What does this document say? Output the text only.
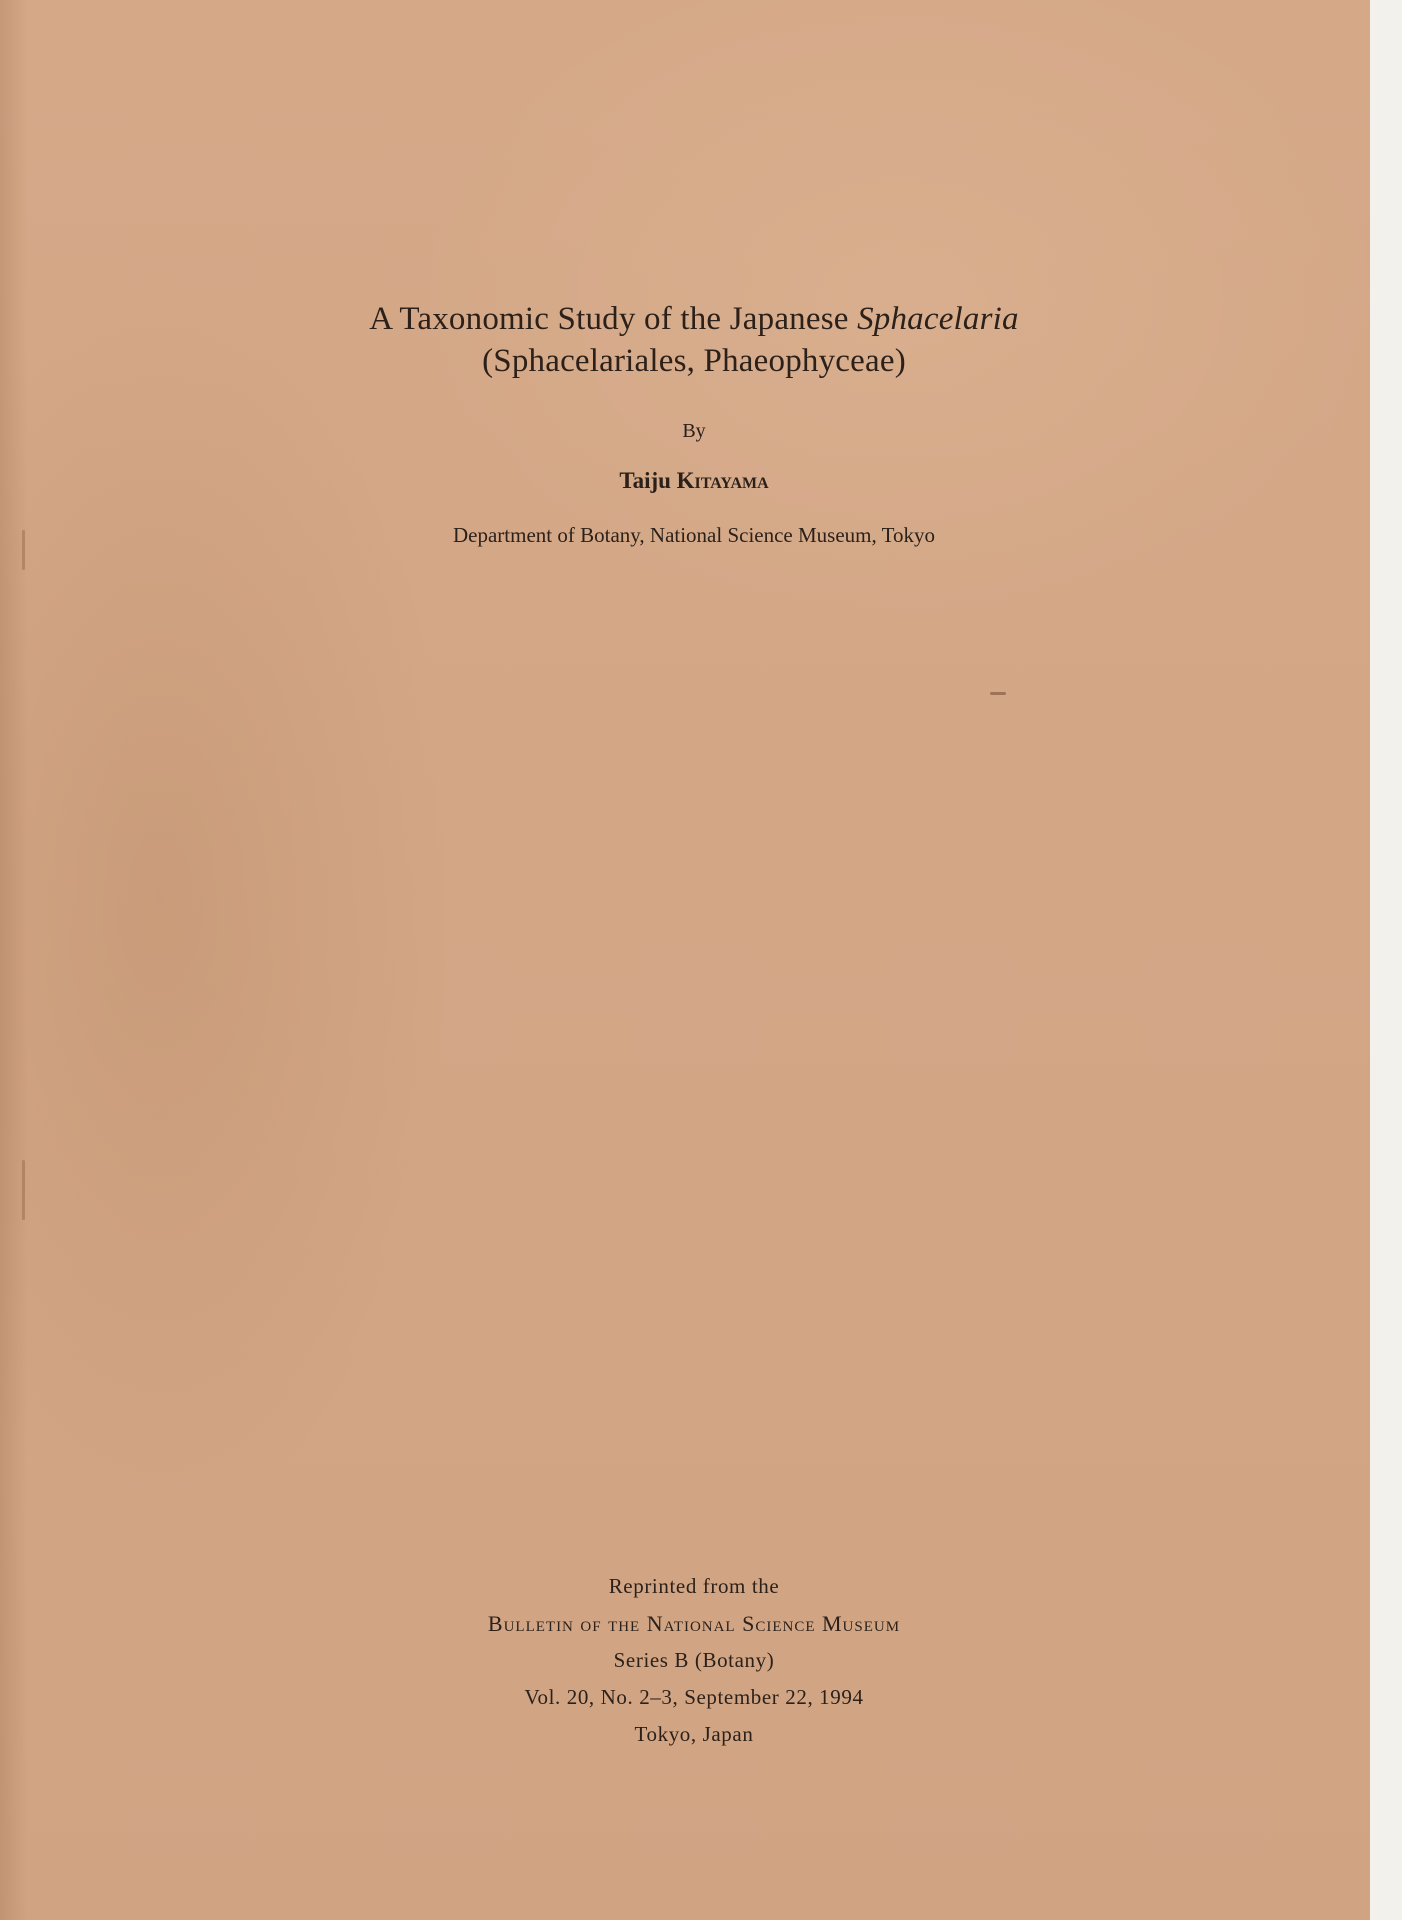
A Taxonomic Study of the Japanese Sphacelaria
(Sphacelariales, Phaeophyceae)
By
Taiju Kitayama
Department of Botany, National Science Museum, Tokyo
Reprinted from the
Bulletin of the National Science Museum
Series B (Botany)
Vol. 20, No. 2–3, September 22, 1994
Tokyo, Japan
